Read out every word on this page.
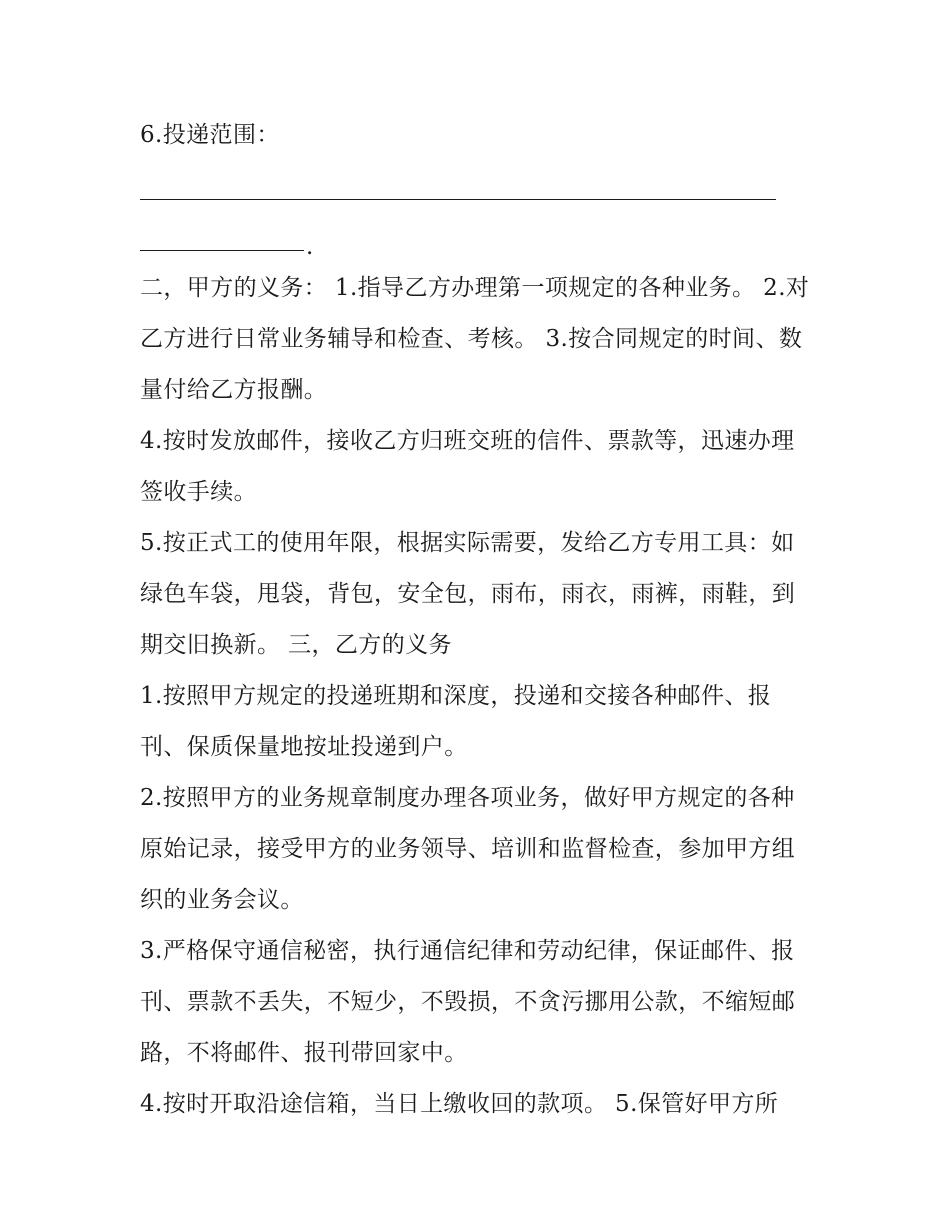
6.投递范围：

.

二，甲方的义务： 1.指导乙方办理第一项规定的各种业务。 2.对乙方进行日常业务辅导和检查、考核。 3.按合同规定的时间、数量付给乙方报酬。

4.按时发放邮件，接收乙方归班交班的信件、票款等，迅速办理签收手续。

5.按正式工的使用年限，根据实际需要，发给乙方专用工具：如绿色车袋，甩袋，背包，安全包，雨布，雨衣，雨裤，雨鞋，到期交旧换新。 三，乙方的义务

1.按照甲方规定的投递班期和深度，投递和交接各种邮件、报刊、保质保量地按址投递到户。

2.按照甲方的业务规章制度办理各项业务，做好甲方规定的各种原始记录，接受甲方的业务领导、培训和监督检查，参加甲方组织的业务会议。

3.严格保守通信秘密，执行通信纪律和劳动纪律，保证邮件、报刊、票款不丢失，不短少，不毁损，不贪污挪用公款，不缩短邮路，不将邮件、报刊带回家中。

4.按时开取沿途信箱，当日上缴收回的款项。 5.保管好甲方所
